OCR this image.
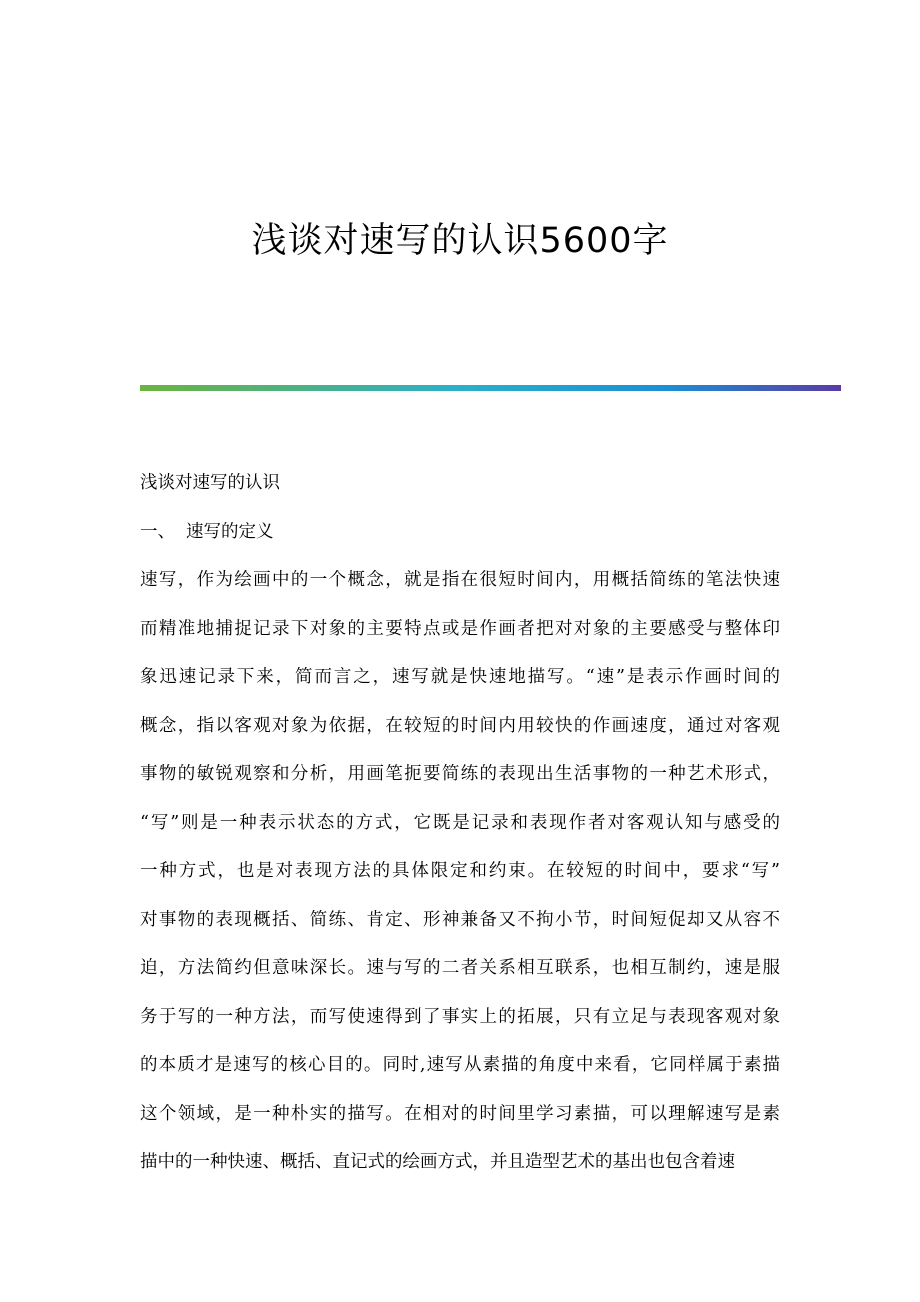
浅谈对速写的认识5600字
浅谈对速写的认识
一、 速写的定义
速写，作为绘画中的一个概念，就是指在很短时间内，用概括简练的笔法快速
而精准地捕捉记录下对象的主要特点或是作画者把对对象的主要感受与整体印
象迅速记录下来，简而言之，速写就是快速地描写。“速”是表示作画时间的
概念，指以客观对象为依据，在较短的时间内用较快的作画速度，通过对客观
事物的敏锐观察和分析，用画笔扼要简练的表现出生活事物的一种艺术形式，
“写”则是一种表示状态的方式，它既是记录和表现作者对客观认知与感受的
一种方式，也是对表现方法的具体限定和约束。在较短的时间中，要求“写”
对事物的表现概括、简练、肯定、形神兼备又不拘小节，时间短促却又从容不
迫，方法简约但意味深长。速与写的二者关系相互联系，也相互制约，速是服
务于写的一种方法，而写使速得到了事实上的拓展，只有立足与表现客观对象
的本质才是速写的核心目的。同时,速写从素描的角度中来看，它同样属于素描
这个领域，是一种朴实的描写。在相对的时间里学习素描，可以理解速写是素
描中的一种快速、概括、直记式的绘画方式，并且造型艺术的基出也包含着速
